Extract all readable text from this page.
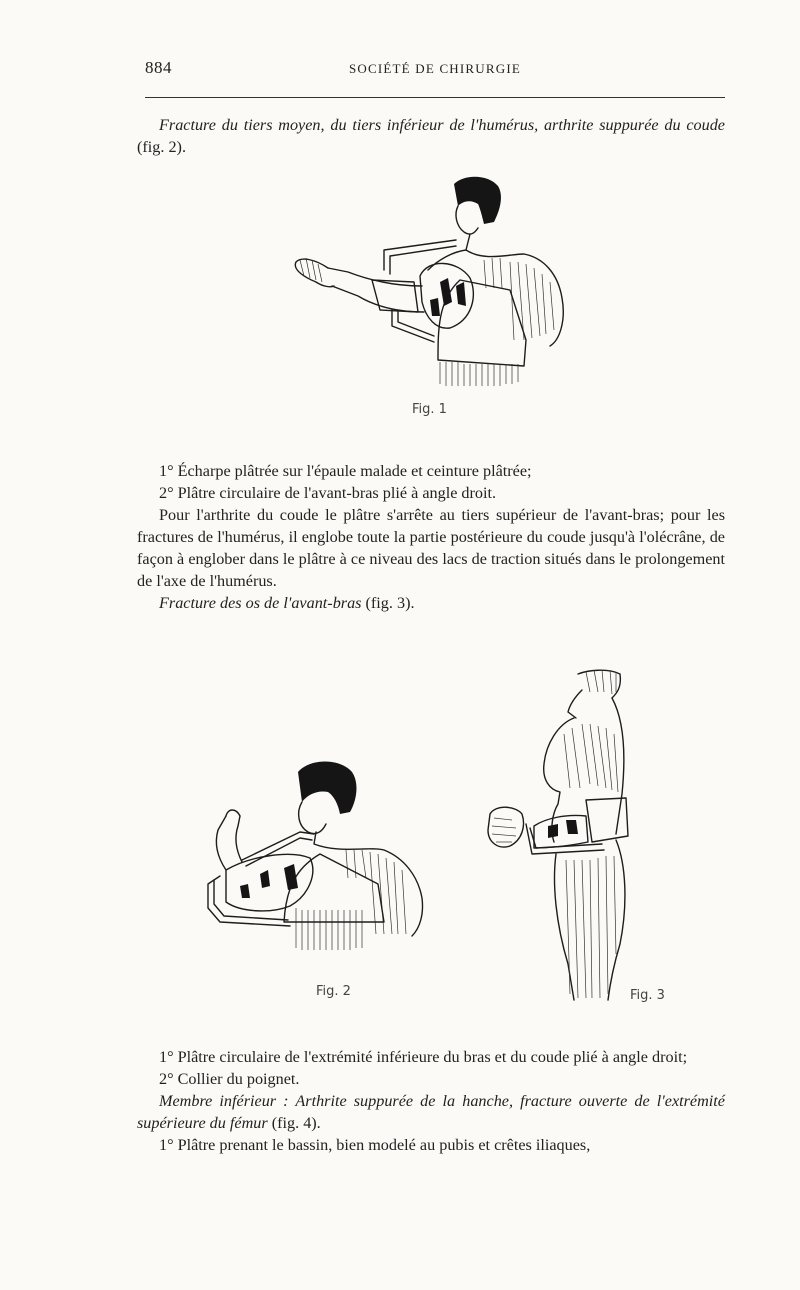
884	SOCIÉTÉ DE CHIRURGIE

Fracture du tiers moyen, du tiers inférieur de l'humérus, arthrite suppurée du coude (fig. 2).

Fig. 1

1° Écharpe plâtrée sur l'épaule malade et ceinture plâtrée;

2° Plâtre circulaire de l'avant-bras plié à angle droit.

Pour l'arthrite du coude le plâtre s'arrête au tiers supérieur de l'avant-bras; pour les fractures de l'humérus, il englobe toute la partie postérieure du coude jusqu'à l'olécrâne, de façon à englober dans le plâtre à ce niveau des lacs de traction situés dans le prolongement de l'axe de l'humérus.

Fracture des os de l'avant-bras (fig. 3).

Fig. 2	Fig. 3

1° Plâtre circulaire de l'extrémité inférieure du bras et du coude plié à angle droit;

2° Collier du poignet.

Membre inférieur : Arthrite suppurée de la hanche, fracture ouverte de l'extrémité supérieure du fémur (fig. 4).

1° Plâtre prenant le bassin, bien modelé au pubis et crêtes iliaques,
